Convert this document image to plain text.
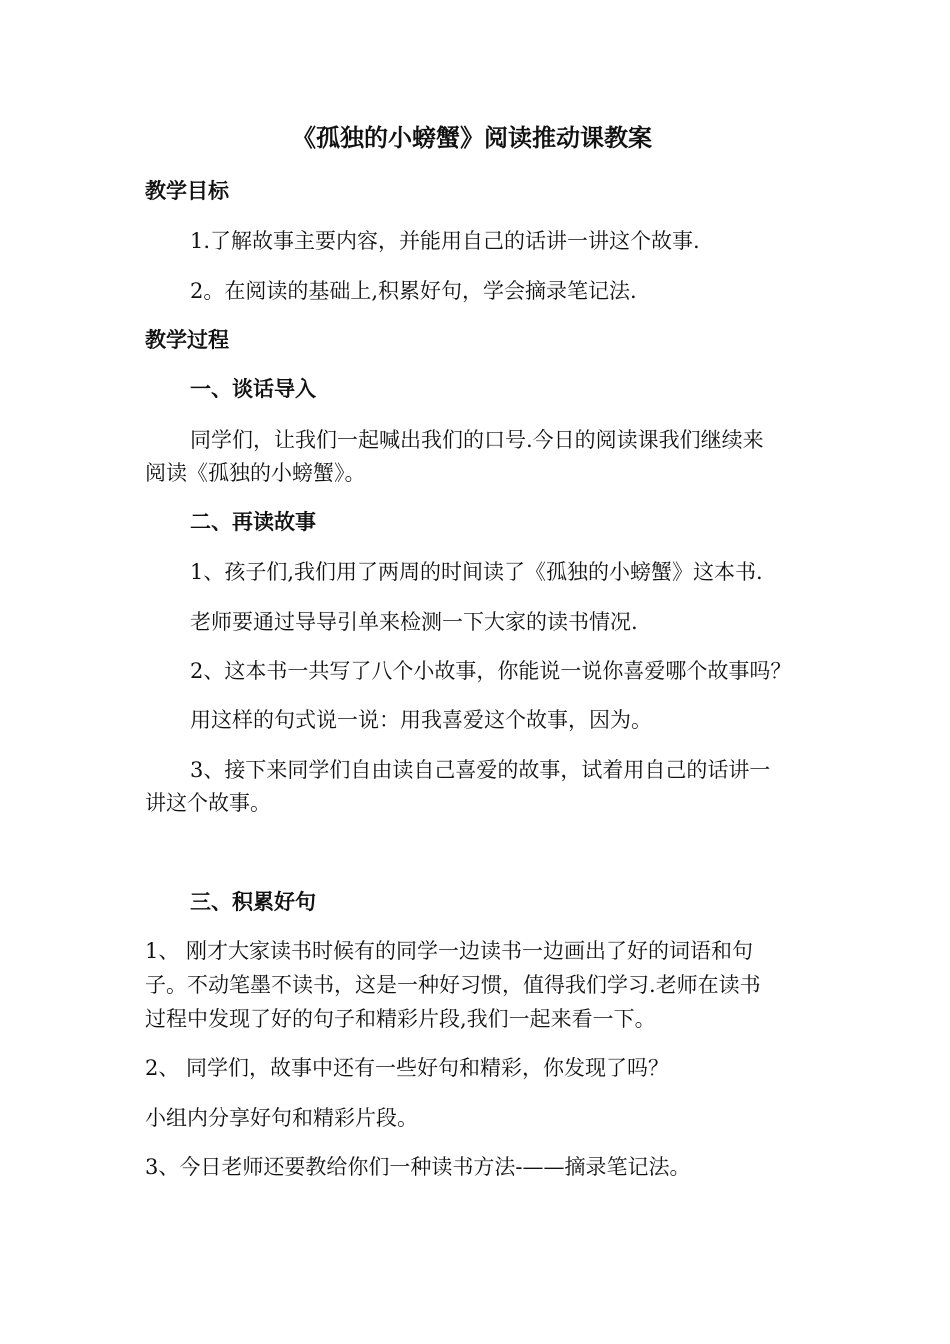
《孤独的小螃蟹》阅读推动课教案

教学目标

1.了解故事主要内容，并能用自己的话讲一讲这个故事.

2。在阅读的基础上,积累好句，学会摘录笔记法.

教学过程

一、谈话导入

同学们，让我们一起喊出我们的口号.今日的阅读课我们继续来

阅读《孤独的小螃蟹》。

二、再读故事

1、孩子们,我们用了两周的时间读了《孤独的小螃蟹》这本书.

老师要通过导导引单来检测一下大家的读书情况.

2、这本书一共写了八个小故事，你能说一说你喜爱哪个故事吗？

用这样的句式说一说：用我喜爱这个故事，因为。

3、接下来同学们自由读自己喜爱的故事，试着用自己的话讲一

讲这个故事。

三、积累好句

1、 刚才大家读书时候有的同学一边读书一边画出了好的词语和句

子。不动笔墨不读书，这是一种好习惯，值得我们学习.老师在读书

过程中发现了好的句子和精彩片段,我们一起来看一下。

2、 同学们，故事中还有一些好句和精彩，你发现了吗？

小组内分享好句和精彩片段。

3、今日老师还要教给你们一种读书方法-——摘录笔记法。
